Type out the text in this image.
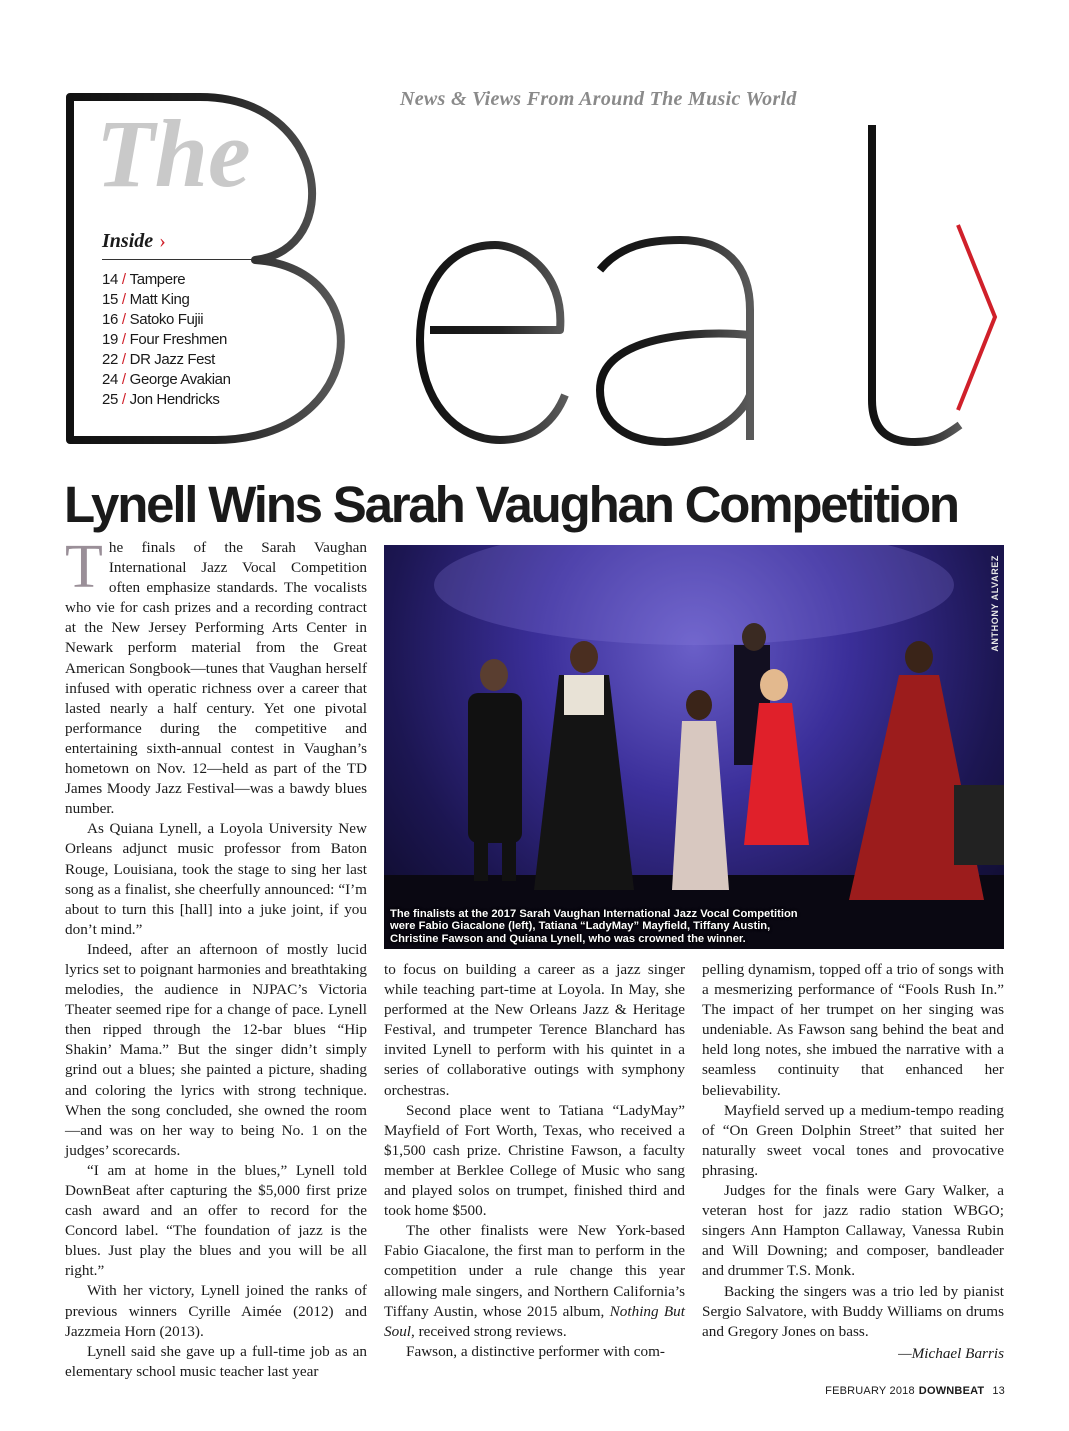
News & Views From Around The Music World
The
Inside ›
14 / Tampere
15 / Matt King
16 / Satoko Fujii
19 / Four Freshmen
22 / DR Jazz Fest
24 / George Avakian
25 / Jon Hendricks
Lynell Wins Sarah Vaughan Competition

The finals of the Sarah Vaughan International Jazz Vocal Competition often emphasize standards. The vocalists who vie for cash prizes and a recording contract at the New Jersey Performing Arts Center in Newark perform material from the Great American Songbook—tunes that Vaughan herself infused with operatic richness over a career that lasted nearly a half century. Yet one pivotal performance during the competitive and entertaining sixth-annual contest in Vaughan’s hometown on Nov. 12—held as part of the TD James Moody Jazz Festival—was a bawdy blues number.

As Quiana Lynell, a Loyola University New Orleans adjunct music professor from Baton Rouge, Louisiana, took the stage to sing her last song as a finalist, she cheerfully announced: “I’m about to turn this [hall] into a juke joint, if you don’t mind.”

Indeed, after an afternoon of mostly lucid lyrics set to poignant harmonies and breathtaking melodies, the audience in NJPAC’s Victoria Theater seemed ripe for a change of pace. Lynell then ripped through the 12-bar blues “Hip Shakin’ Mama.” But the singer didn’t simply grind out a blues; she painted a picture, shading and coloring the lyrics with strong technique. When the song concluded, she owned the room—and was on her way to being No. 1 on the judges’ scorecards.

“I am at home in the blues,” Lynell told DownBeat after capturing the $5,000 first prize cash award and an offer to record for the Concord label. “The foundation of jazz is the blues. Just play the blues and you will be all right.”

With her victory, Lynell joined the ranks of previous winners Cyrille Aimée (2012) and Jazzmeia Horn (2013).

Lynell said she gave up a full-time job as an elementary school music teacher last year

ANTHONY ALVAREZ
The finalists at the 2017 Sarah Vaughan International Jazz Vocal Competition were Fabio Giacalone (left), Tatiana “LadyMay” Mayfield, Tiffany Austin, Christine Fawson and Quiana Lynell, who was crowned the winner.

to focus on building a career as a jazz singer while teaching part-time at Loyola. In May, she performed at the New Orleans Jazz & Heritage Festival, and trumpeter Terence Blanchard has invited Lynell to perform with his quintet in a series of collaborative outings with symphony orchestras.

Second place went to Tatiana “LadyMay” Mayfield of Fort Worth, Texas, who received a $1,500 cash prize. Christine Fawson, a faculty member at Berklee College of Music who sang and played solos on trumpet, finished third and took home $500.

The other finalists were New York-based Fabio Giacalone, the first man to perform in the competition under a rule change this year allowing male singers, and Northern California’s Tiffany Austin, whose 2015 album, Nothing But Soul, received strong reviews.

Fawson, a distinctive performer with com-

pelling dynamism, topped off a trio of songs with a mesmerizing performance of “Fools Rush In.” The impact of her trumpet on her singing was undeniable. As Fawson sang behind the beat and held long notes, she imbued the narrative with a seamless continuity that enhanced her believability.

Mayfield served up a medium-tempo reading of “On Green Dolphin Street” that suited her naturally sweet vocal tones and provocative phrasing.

Judges for the finals were Gary Walker, a veteran host for jazz radio station WBGO; singers Ann Hampton Callaway, Vanessa Rubin and Will Downing; and composer, bandleader and drummer T.S. Monk.

Backing the singers was a trio led by pianist Sergio Salvatore, with Buddy Williams on drums and Gregory Jones on bass.

—Michael Barris
FEBRUARY 2018 DOWNBEAT 13
